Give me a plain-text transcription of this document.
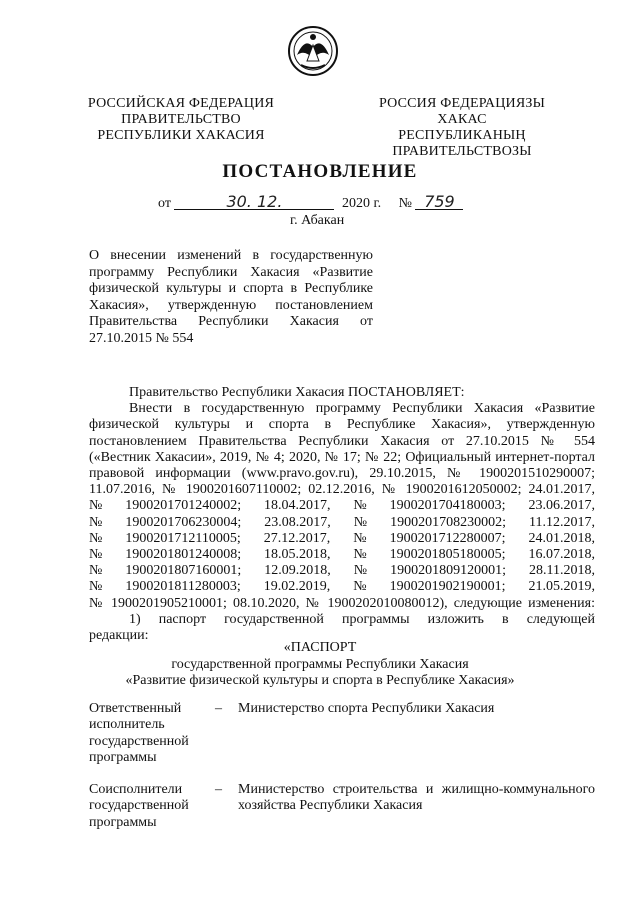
РОССИЙСКАЯ ФЕДЕРАЦИЯ
ПРАВИТЕЛЬСТВО
РЕСПУБЛИКИ ХАКАСИЯ
РОССИЯ ФЕДЕРАЦИЯЗЫ
ХАКАС РЕСПУБЛИКАНЫҢ
ПРАВИТЕЛЬСТВОЗЫ
ПОСТАНОВЛЕНИЕ
от	30. 12.	2020 г. № 759
г. Абакан
О внесении изменений в государственную программу Республики Хакасия «Развитие физической культуры и спорта в Республике Хакасия», утвержденную постановлением Правительства Республики Хакасия от 27.10.2015 № 554
Правительство Республики Хакасия ПОСТАНОВЛЯЕТ:
Внести в государственную программу Республики Хакасия «Развитие
физической культуры и спорта в Республике Хакасия», утвержденную
постановлением Правительства Республики Хакасия от 27.10.2015 № 554
(«Вестник Хакасии», 2019, № 4; 2020, № 17; № 22; Официальный интернет-портал
правовой информации (www.pravo.gov.ru), 29.10.2015, № 1900201510290007;
11.07.2016, № 1900201607110002; 02.12.2016, № 1900201612050002; 24.01.2017,
№ 1900201701240002; 18.04.2017, № 1900201704180003; 23.06.2017,
№ 1900201706230004; 23.08.2017, № 1900201708230002; 11.12.2017,
№ 1900201712110005; 27.12.2017, № 1900201712280007; 24.01.2018,
№ 1900201801240008; 18.05.2018, № 1900201805180005; 16.07.2018,
№ 1900201807160001; 12.09.2018, № 1900201809120001; 28.11.2018,
№ 1900201811280003; 19.02.2019, № 1900201902190001; 21.05.2019,
№ 1900201905210001; 08.10.2020, № 1900202010080012), следующие изменения:
1) паспорт государственной программы изложить в следующей
редакции:
«ПАСПОРТ
государственной программы Республики Хакасия
«Развитие физической культуры и спорта в Республике Хакасия»
Ответственный исполнитель государственной программы
– Министерство спорта Республики Хакасия
Соисполнители государственной программы
– Министерство строительства и жилищно-коммунального хозяйства Республики Хакасия
